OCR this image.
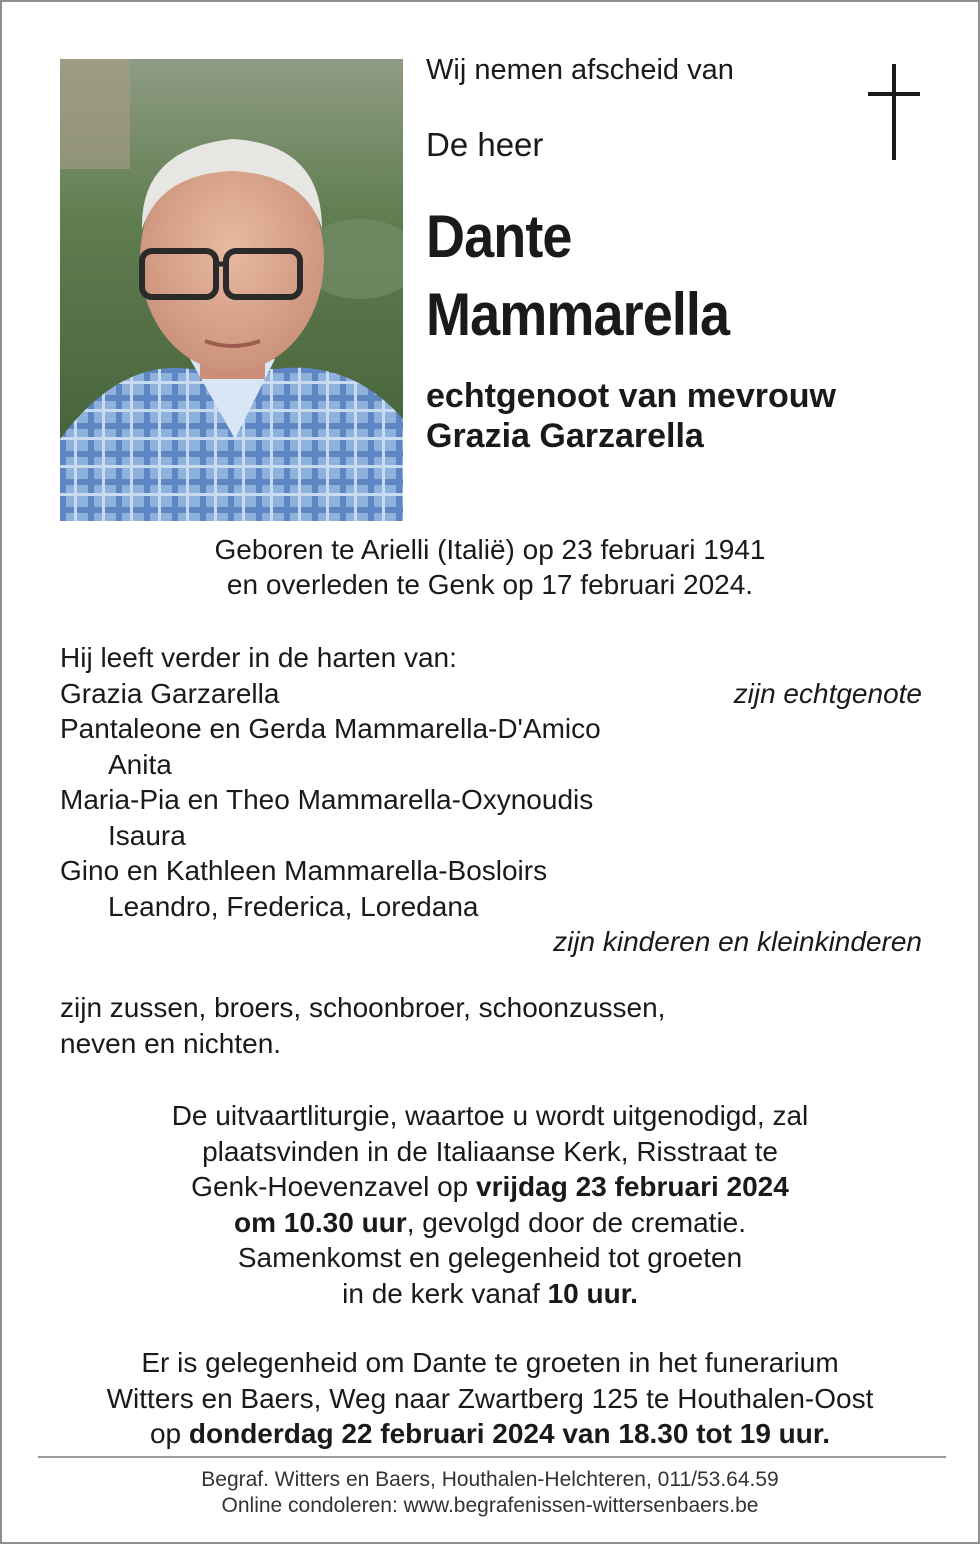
Wij nemen afscheid van
De heer
Dante
Mammarella
echtgenoot van mevrouw
Grazia Garzarella
Geboren te Arielli (Italië) op 23 februari 1941
en overleden te Genk op 17 februari 2024.
Hij leeft verder in de harten van:
Grazia Garzarella	zijn echtgenote
Pantaleone en Gerda Mammarella-D'Amico
Anita
Maria-Pia en Theo Mammarella-Oxynoudis
Isaura
Gino en Kathleen Mammarella-Bosloirs
Leandro, Frederica, Loredana
zijn kinderen en kleinkinderen
zijn zussen, broers, schoonbroer, schoonzussen,
neven en nichten.
De uitvaartliturgie, waartoe u wordt uitgenodigd, zal
plaatsvinden in de Italiaanse Kerk, Risstraat te
Genk-Hoevenzavel op vrijdag 23 februari 2024
om 10.30 uur, gevolgd door de crematie.
Samenkomst en gelegenheid tot groeten
in de kerk vanaf 10 uur.
Er is gelegenheid om Dante te groeten in het funerarium
Witters en Baers, Weg naar Zwartberg 125 te Houthalen-Oost
op donderdag 22 februari 2024 van 18.30 tot 19 uur.
Begraf. Witters en Baers, Houthalen-Helchteren, 011/53.64.59
Online condoleren: www.begrafenissen-wittersenbaers.be
